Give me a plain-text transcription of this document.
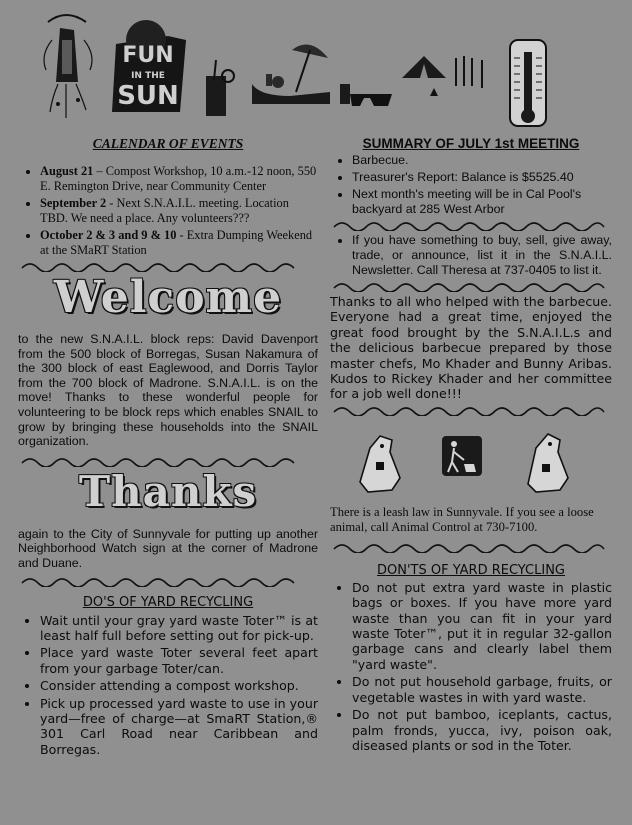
FUN
IN THE
SUN
CALENDAR OF EVENTS
• August 21 – Compost Workshop, 10 a.m.-12 noon, 550 E. Remington Drive, near Community Center
• September 2 - Next S.N.A.I.L. meeting. Location TBD. We need a place. Any volunteers???
• October 2 & 3 and 9 & 10 - Extra Dumping Weekend at the SMaRT Station
Welcome

to the new S.N.A.I.L. block reps: David Davenport from the 500 block of Borregas, Susan Nakamura of the 300 block of east Eaglewood, and Dorris Taylor from the 700 block of Madrone. S.N.A.I.L. is on the move! Thanks to these wonderful people for volunteering to be block reps which enables SNAIL to grow by bringing these households into the SNAIL organization.

Thanks

again to the City of Sunnyvale for putting up another Neighborhood Watch sign at the corner of Madrone and Duane.

DO'S OF YARD RECYCLING
• Wait until your gray yard waste Toter™ is at least half full before setting out for pick-up.
• Place yard waste Toter several feet apart from your garbage Toter/can.
• Consider attending a compost workshop.
• Pick up processed yard waste to use in your yard—free of charge—at SmaRT Station,® 301 Carl Road near Caribbean and Borregas.
SUMMARY OF JULY 1st MEETING
• Barbecue.
• Treasurer's Report: Balance is $5525.40
• Next month's meeting will be in Cal Pool's backyard at 285 West Arbor
• If you have something to buy, sell, give away, trade, or announce, list it in the S.N.A.I.L. Newsletter. Call Theresa at 737-0405 to list it.

Thanks to all who helped with the barbecue. Everyone had a great time, enjoyed the great food brought by the S.N.A.I.L.s and the delicious barbecue prepared by those master chefs, Mo Khader and Bunny Aribas. Kudos to Rickey Khader and her committee for a job well done!!!

There is a leash law in Sunnyvale. If you see a loose animal, call Animal Control at 730-7100.

DON'TS OF YARD RECYCLING
• Do not put extra yard waste in plastic bags or boxes. If you have more yard waste than you can fit in your yard waste Toter™, put it in regular 32-gallon garbage cans and clearly label them "yard waste".
• Do not put household garbage, fruits, or vegetable wastes in with yard waste.
• Do not put bamboo, iceplants, cactus, palm fronds, yucca, ivy, poison oak, diseased plants or sod in the Toter.
